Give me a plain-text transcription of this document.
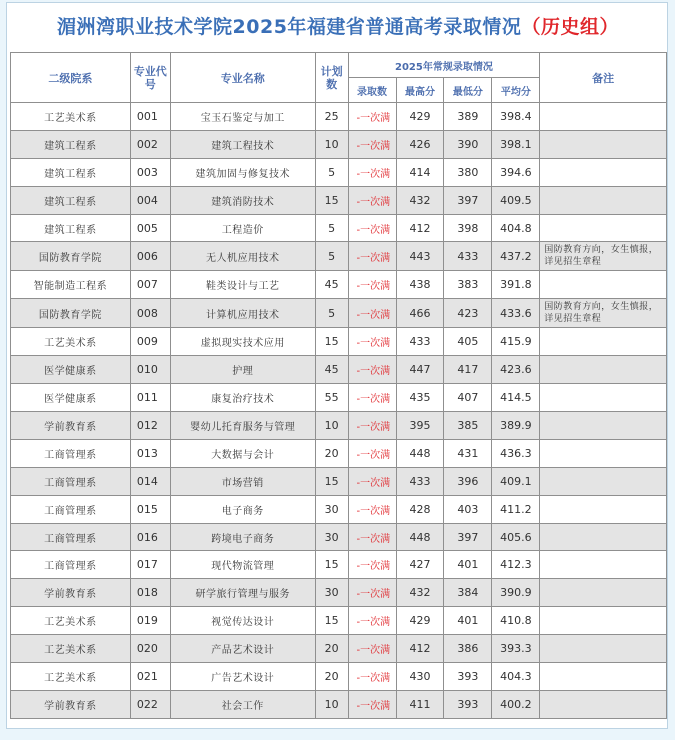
湄洲湾职业技术学院2025年福建省普通高考录取情况（历史组）
二级院系	专业代号	专业名称	计划数	2025年常规录取情况				备注
				录取数	最高分	最低分	平均分	
工艺美术系	001	宝玉石鉴定与加工	25	-一次满	429	389	398.4	
建筑工程系	002	建筑工程技术	10	-一次满	426	390	398.1	
建筑工程系	003	建筑加固与修复技术	5	-一次满	414	380	394.6	
建筑工程系	004	建筑消防技术	15	-一次满	432	397	409.5	
建筑工程系	005	工程造价	5	-一次满	412	398	404.8	
国防教育学院	006	无人机应用技术	5	-一次满	443	433	437.2	国防教育方向，女生慎报，详见招生章程
智能制造工程系	007	鞋类设计与工艺	45	-一次满	438	383	391.8	
国防教育学院	008	计算机应用技术	5	-一次满	466	423	433.6	国防教育方向，女生慎报，详见招生章程
工艺美术系	009	虚拟现实技术应用	15	-一次满	433	405	415.9	
医学健康系	010	护理	45	-一次满	447	417	423.6	
医学健康系	011	康复治疗技术	55	-一次满	435	407	414.5	
学前教育系	012	婴幼儿托育服务与管理	10	-一次满	395	385	389.9	
工商管理系	013	大数据与会计	20	-一次满	448	431	436.3	
工商管理系	014	市场营销	15	-一次满	433	396	409.1	
工商管理系	015	电子商务	30	-一次满	428	403	411.2	
工商管理系	016	跨境电子商务	30	-一次满	448	397	405.6	
工商管理系	017	现代物流管理	15	-一次满	427	401	412.3	
学前教育系	018	研学旅行管理与服务	30	-一次满	432	384	390.9	
工艺美术系	019	视觉传达设计	15	-一次满	429	401	410.8	
工艺美术系	020	产品艺术设计	20	-一次满	412	386	393.3	
工艺美术系	021	广告艺术设计	20	-一次满	430	393	404.3	
学前教育系	022	社会工作	10	-一次满	411	393	400.2	
